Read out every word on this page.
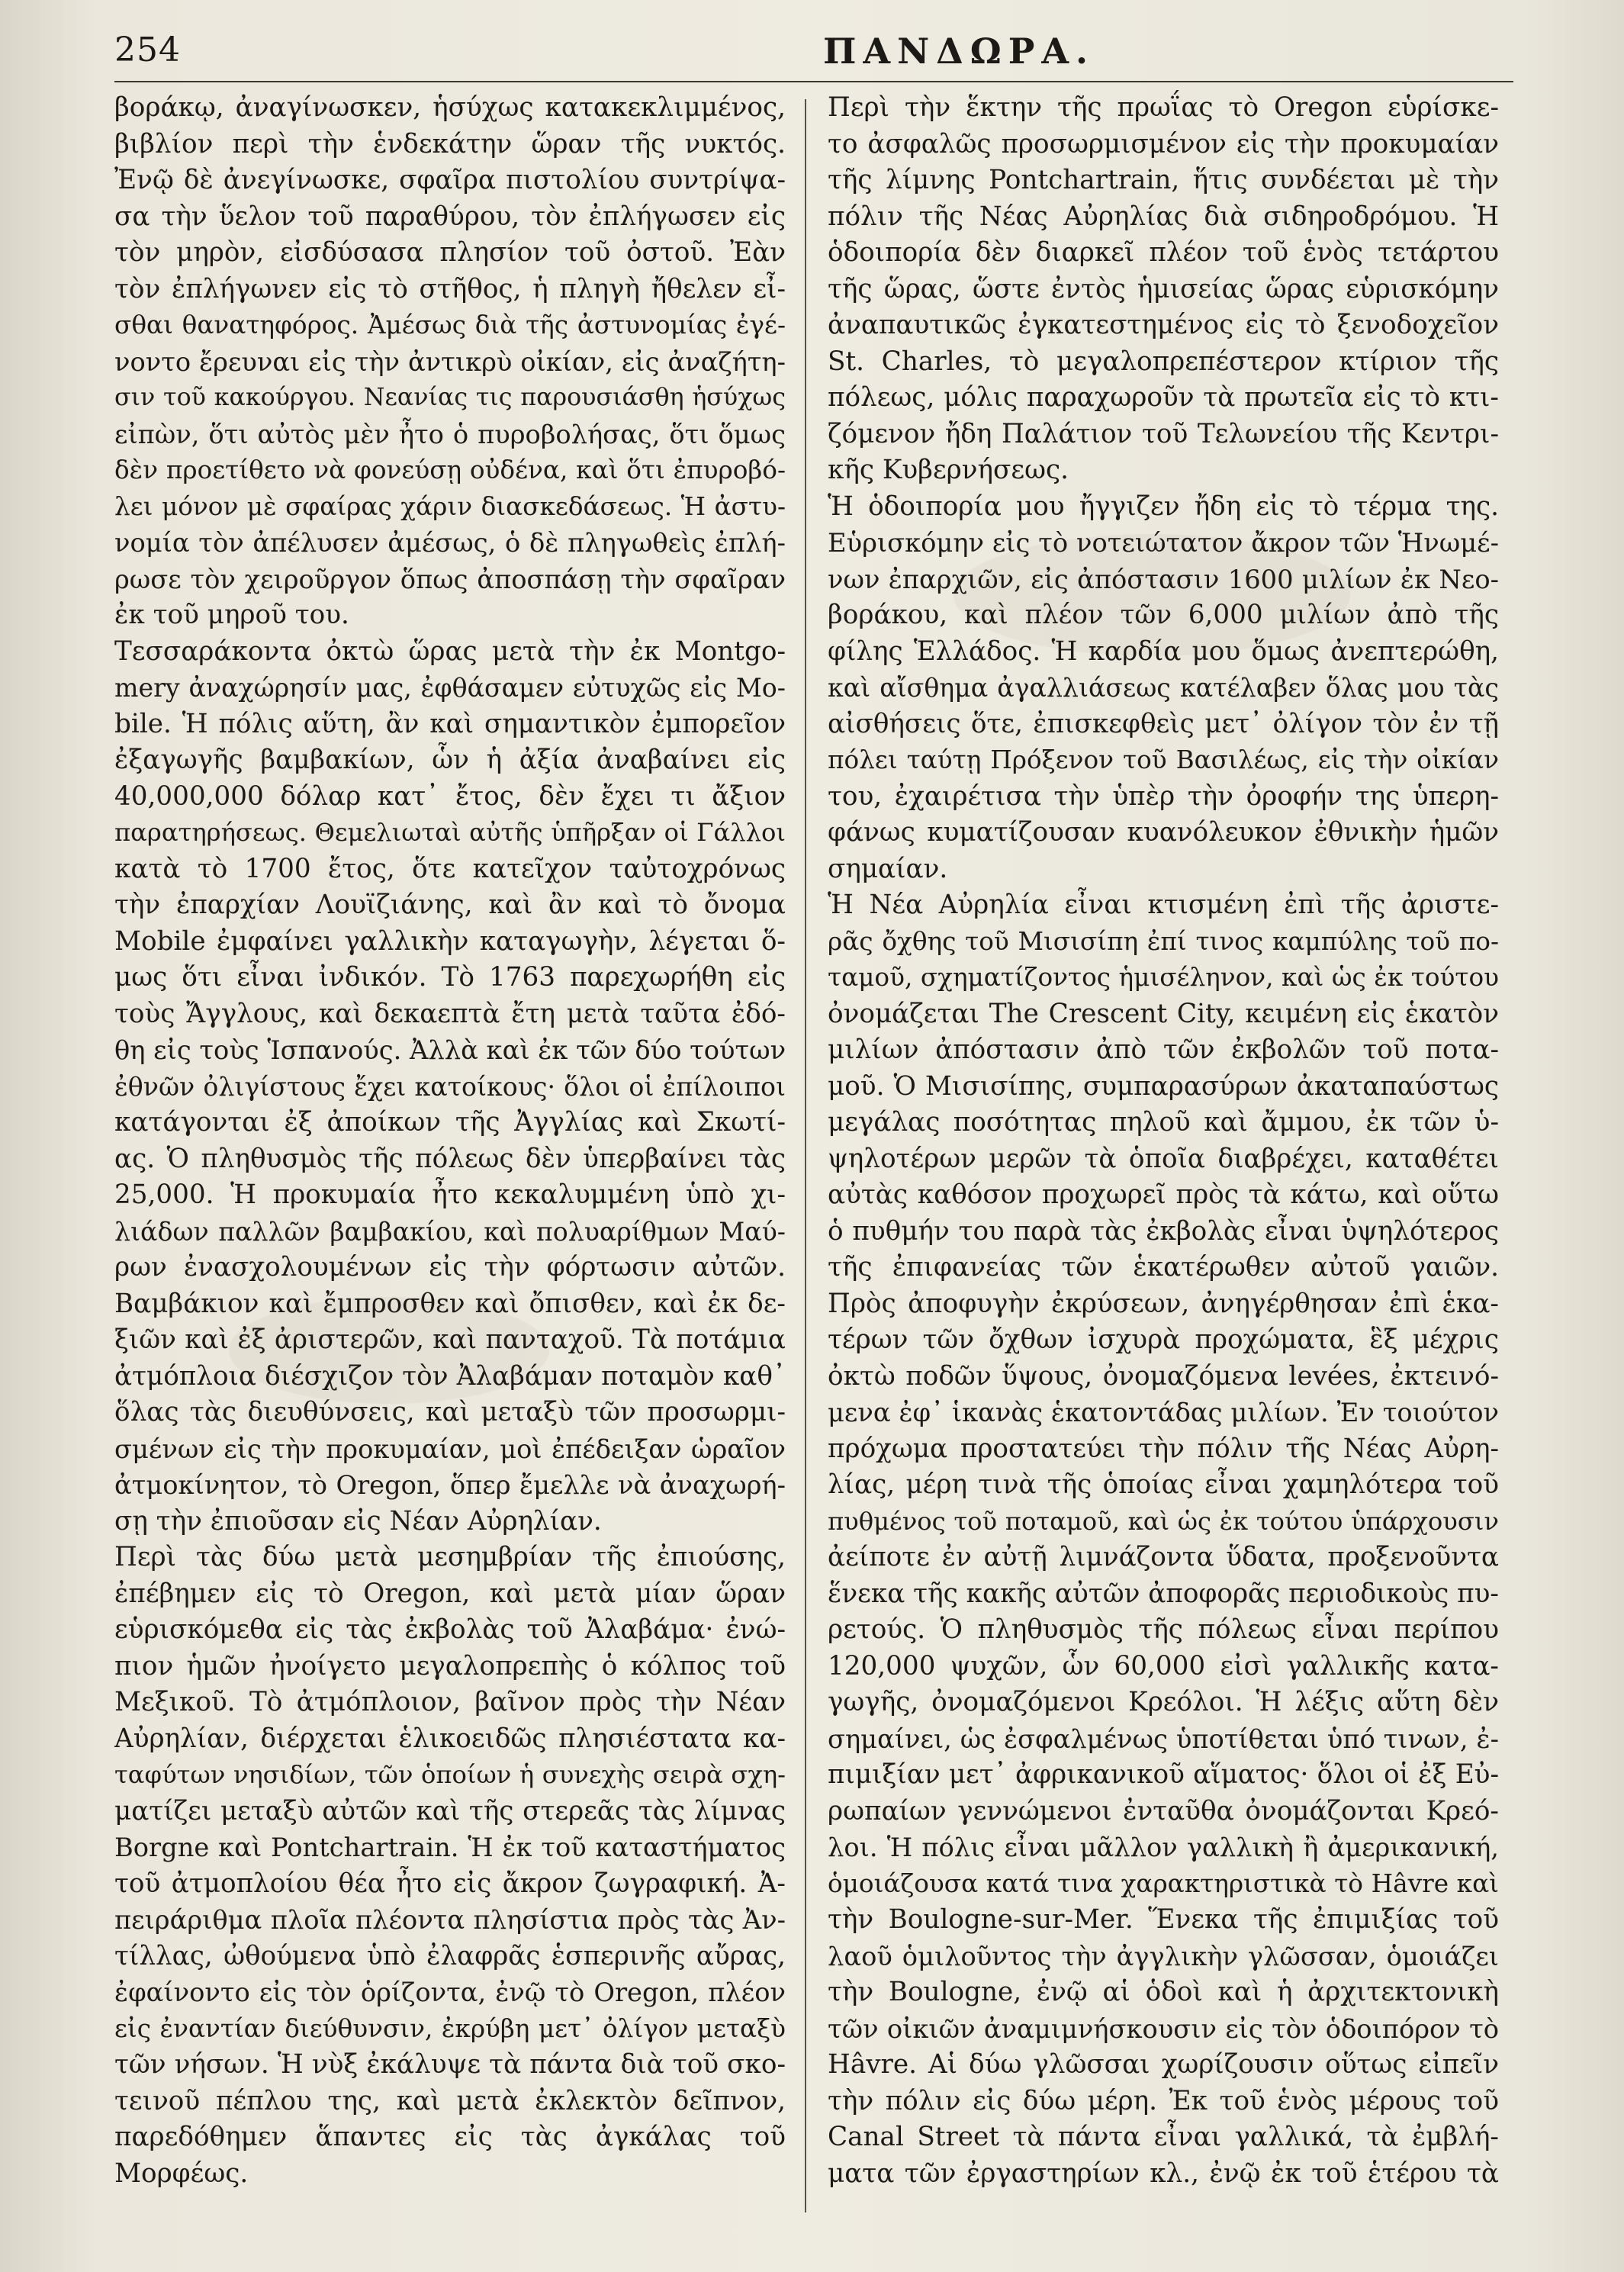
254	ΠΑΝΔΩΡΑ.
βοράκῳ, ἀναγίνωσκεν, ἡσύχως κατακεκλιμμένος,
βιβλίον περὶ τὴν ἑνδεκάτην ὥραν τῆς νυκτός.
Ἐνῷ δὲ ἀνεγίνωσκε, σφαῖρα πιστολίου συντρίψα-
σα τὴν ὕελον τοῦ παραθύρου, τὸν ἐπλήγωσεν εἰς
τὸν μηρὸν, εἰσδύσασα πλησίον τοῦ ὀστοῦ. Ἐὰν
τὸν ἐπλήγωνεν εἰς τὸ στῆθος, ἡ πληγὴ ἤθελεν εἶ-
σθαι θανατηφόρος. Ἀμέσως διὰ τῆς ἀστυνομίας ἐγέ-
νοντο ἔρευναι εἰς τὴν ἀντικρὺ οἰκίαν, εἰς ἀναζήτη-
σιν τοῦ κακούργου. Νεανίας τις παρουσιάσθη ἡσύχως
εἰπὼν, ὅτι αὐτὸς μὲν ἦτο ὁ πυροβολήσας, ὅτι ὅμως
δὲν προετίθετο νὰ φονεύσῃ οὐδένα, καὶ ὅτι ἐπυροβό-
λει μόνον μὲ σφαίρας χάριν διασκεδάσεως. Ἡ ἀστυ-
νομία τὸν ἀπέλυσεν ἀμέσως, ὁ δὲ πληγωθεὶς ἐπλή-
ρωσε τὸν χειροῦργον ὅπως ἀποσπάσῃ τὴν σφαῖραν
ἐκ τοῦ μηροῦ του.
Τεσσαράκοντα ὀκτὼ ὥρας μετὰ τὴν ἐκ Montgo-
mery ἀναχώρησίν μας, ἐφθάσαμεν εὐτυχῶς εἰς Mo-
bile. Ἡ πόλις αὕτη, ἂν καὶ σημαντικὸν ἐμπορεῖον
ἐξαγωγῆς βαμβακίων, ὧν ἡ ἀξία ἀναβαίνει εἰς
40,000,000 δόλαρ κατ᾽ ἔτος, δὲν ἔχει τι ἄξιον
παρατηρήσεως. Θεμελιωταὶ αὐτῆς ὑπῆρξαν οἱ Γάλλοι
κατὰ τὸ 1700 ἔτος, ὅτε κατεῖχον ταὐτοχρόνως
τὴν ἐπαρχίαν Λουϊζιάνης, καὶ ἂν καὶ τὸ ὄνομα
Mobile ἐμφαίνει γαλλικὴν καταγωγὴν, λέγεται ὅ-
μως ὅτι εἶναι ἰνδικόν. Τὸ 1763 παρεχωρήθη εἰς
τοὺς Ἄγγλους, καὶ δεκαεπτὰ ἔτη μετὰ ταῦτα ἐδό-
θη εἰς τοὺς Ἱσπανούς. Ἀλλὰ καὶ ἐκ τῶν δύο τούτων
ἐθνῶν ὀλιγίστους ἔχει κατοίκους· ὅλοι οἱ ἐπίλοιποι
κατάγονται ἐξ ἀποίκων τῆς Ἀγγλίας καὶ Σκωτί-
ας. Ὁ πληθυσμὸς τῆς πόλεως δὲν ὑπερβαίνει τὰς
25,000. Ἡ προκυμαία ἦτο κεκαλυμμένη ὑπὸ χι-
λιάδων παλλῶν βαμβακίου, καὶ πολυαρίθμων Μαύ-
ρων ἐνασχολουμένων εἰς τὴν φόρτωσιν αὐτῶν.
Βαμβάκιον καὶ ἔμπροσθεν καὶ ὄπισθεν, καὶ ἐκ δε-
ξιῶν καὶ ἐξ ἀριστερῶν, καὶ πανταχοῦ. Τὰ ποτάμια
ἀτμόπλοια διέσχιζον τὸν Ἀλαβάμαν ποταμὸν καθ᾽
ὅλας τὰς διευθύνσεις, καὶ μεταξὺ τῶν προσωρμι-
σμένων εἰς τὴν προκυμαίαν, μοὶ ἐπέδειξαν ὡραῖον
ἀτμοκίνητον, τὸ Oregon, ὅπερ ἔμελλε νὰ ἀναχωρή-
σῃ τὴν ἐπιοῦσαν εἰς Νέαν Αὐρηλίαν.
Περὶ τὰς δύω μετὰ μεσημβρίαν τῆς ἐπιούσης,
ἐπέβημεν εἰς τὸ Oregon, καὶ μετὰ μίαν ὥραν
εὑρισκόμεθα εἰς τὰς ἐκβολὰς τοῦ Ἀλαβάμα· ἐνώ-
πιον ἡμῶν ἠνοίγετο μεγαλοπρεπὴς ὁ κόλπος τοῦ
Μεξικοῦ. Τὸ ἀτμόπλοιον, βαῖνον πρὸς τὴν Νέαν
Αὐρηλίαν, διέρχεται ἑλικοειδῶς πλησιέστατα κα-
ταφύτων νησιδίων, τῶν ὁποίων ἡ συνεχὴς σειρὰ σχη-
ματίζει μεταξὺ αὐτῶν καὶ τῆς στερεᾶς τὰς λίμνας
Borgne καὶ Pontchartrain. Ἡ ἐκ τοῦ καταστήματος
τοῦ ἀτμοπλοίου θέα ἦτο εἰς ἄκρον ζωγραφική. Ἀ-
πειράριθμα πλοῖα πλέοντα πλησίστια πρὸς τὰς Ἀν-
τίλλας, ὠθούμενα ὑπὸ ἐλαφρᾶς ἑσπερινῆς αὔρας,
ἐφαίνοντο εἰς τὸν ὁρίζοντα, ἐνῷ τὸ Oregon, πλέον
εἰς ἐναντίαν διεύθυνσιν, ἐκρύβη μετ᾽ ὀλίγον μεταξὺ
τῶν νήσων. Ἡ νὺξ ἐκάλυψε τὰ πάντα διὰ τοῦ σκο-
τεινοῦ πέπλου της, καὶ μετὰ ἐκλεκτὸν δεῖπνον,
παρεδόθημεν ἅπαντες εἰς τὰς ἀγκάλας τοῦ
Μορφέως.
Περὶ τὴν ἕκτην τῆς πρωΐας τὸ Oregon εὑρίσκε-
το ἀσφαλῶς προσωρμισμένον εἰς τὴν προκυμαίαν
τῆς λίμνης Pontchartrain, ἥτις συνδέεται μὲ τὴν
πόλιν τῆς Νέας Αὐρηλίας διὰ σιδηροδρόμου. Ἡ
ὁδοιπορία δὲν διαρκεῖ πλέον τοῦ ἑνὸς τετάρτου
τῆς ὥρας, ὥστε ἐντὸς ἡμισείας ὥρας εὑρισκόμην
ἀναπαυτικῶς ἐγκατεστημένος εἰς τὸ ξενοδοχεῖον
St. Charles, τὸ μεγαλοπρεπέστερον κτίριον τῆς
πόλεως, μόλις παραχωροῦν τὰ πρωτεῖα εἰς τὸ κτι-
ζόμενον ἤδη Παλάτιον τοῦ Τελωνείου τῆς Κεντρι-
κῆς Κυβερνήσεως.
Ἡ ὁδοιπορία μου ἤγγιζεν ἤδη εἰς τὸ τέρμα της.
Εὑρισκόμην εἰς τὸ νοτειώτατον ἄκρον τῶν Ἡνωμέ-
νων ἐπαρχιῶν, εἰς ἀπόστασιν 1600 μιλίων ἐκ Νεο-
βοράκου, καὶ πλέον τῶν 6,000 μιλίων ἀπὸ τῆς
φίλης Ἑλλάδος. Ἡ καρδία μου ὅμως ἀνεπτερώθη,
καὶ αἴσθημα ἀγαλλιάσεως κατέλαβεν ὅλας μου τὰς
αἰσθήσεις ὅτε, ἐπισκεφθεὶς μετ᾽ ὀλίγον τὸν ἐν τῇ
πόλει ταύτῃ Πρόξενον τοῦ Βασιλέως, εἰς τὴν οἰκίαν
του, ἐχαιρέτισα τὴν ὑπὲρ τὴν ὀροφήν της ὑπερη-
φάνως κυματίζουσαν κυανόλευκον ἐθνικὴν ἡμῶν
σημαίαν.
Ἡ Νέα Αὐρηλία εἶναι κτισμένη ἐπὶ τῆς ἀριστε-
ρᾶς ὄχθης τοῦ Μισισίπη ἐπί τινος καμπύλης τοῦ πο-
ταμοῦ, σχηματίζοντος ἡμισέληνον, καὶ ὡς ἐκ τούτου
ὀνομάζεται The Crescent City, κειμένη εἰς ἑκατὸν
μιλίων ἀπόστασιν ἀπὸ τῶν ἐκβολῶν τοῦ ποτα-
μοῦ. Ὁ Μισισίπης, συμπαρασύρων ἀκαταπαύστως
μεγάλας ποσότητας πηλοῦ καὶ ἄμμου, ἐκ τῶν ὑ-
ψηλοτέρων μερῶν τὰ ὁποῖα διαβρέχει, καταθέτει
αὐτὰς καθόσον προχωρεῖ πρὸς τὰ κάτω, καὶ οὕτω
ὁ πυθμήν του παρὰ τὰς ἐκβολὰς εἶναι ὑψηλότερος
τῆς ἐπιφανείας τῶν ἑκατέρωθεν αὐτοῦ γαιῶν.
Πρὸς ἀποφυγὴν ἐκρύσεων, ἀνηγέρθησαν ἐπὶ ἑκα-
τέρων τῶν ὄχθων ἰσχυρὰ προχώματα, ἓξ μέχρις
ὀκτὼ ποδῶν ὕψους, ὀνομαζόμενα levées, ἐκτεινό-
μενα ἐφ᾽ ἱκανὰς ἑκατοντάδας μιλίων. Ἐν τοιούτον
πρόχωμα προστατεύει τὴν πόλιν τῆς Νέας Αὐρη-
λίας, μέρη τινὰ τῆς ὁποίας εἶναι χαμηλότερα τοῦ
πυθμένος τοῦ ποταμοῦ, καὶ ὡς ἐκ τούτου ὑπάρχουσιν
ἀείποτε ἐν αὐτῇ λιμνάζοντα ὕδατα, προξενοῦντα
ἕνεκα τῆς κακῆς αὐτῶν ἀποφορᾶς περιοδικοὺς πυ-
ρετούς. Ὁ πληθυσμὸς τῆς πόλεως εἶναι περίπου
120,000 ψυχῶν, ὧν 60,000 εἰσὶ γαλλικῆς κατα-
γωγῆς, ὀνομαζόμενοι Κρεόλοι. Ἡ λέξις αὕτη δὲν
σημαίνει, ὡς ἐσφαλμένως ὑποτίθεται ὑπό τινων, ἐ-
πιμιξίαν μετ᾽ ἀφρικανικοῦ αἵματος· ὅλοι οἱ ἐξ Εὐ-
ρωπαίων γεννώμενοι ἐνταῦθα ὀνομάζονται Κρεό-
λοι. Ἡ πόλις εἶναι μᾶλλον γαλλικὴ ἢ ἀμερικανική,
ὁμοιάζουσα κατά τινα χαρακτηριστικὰ τὸ Hâvre καὶ
τὴν Boulogne-sur-Mer. Ἕνεκα τῆς ἐπιμιξίας τοῦ
λαοῦ ὁμιλοῦντος τὴν ἀγγλικὴν γλῶσσαν, ὁμοιάζει
τὴν Boulogne, ἐνῷ αἱ ὁδοὶ καὶ ἡ ἀρχιτεκτονικὴ
τῶν οἰκιῶν ἀναμιμνήσκουσιν εἰς τὸν ὁδοιπόρον τὸ
Hâvre. Αἱ δύω γλῶσσαι χωρίζουσιν οὕτως εἰπεῖν
τὴν πόλιν εἰς δύω μέρη. Ἐκ τοῦ ἑνὸς μέρους τοῦ
Canal Street τὰ πάντα εἶναι γαλλικά, τὰ ἐμβλή-
ματα τῶν ἐργαστηρίων κλ., ἐνῷ ἐκ τοῦ ἑτέρου τὰ
